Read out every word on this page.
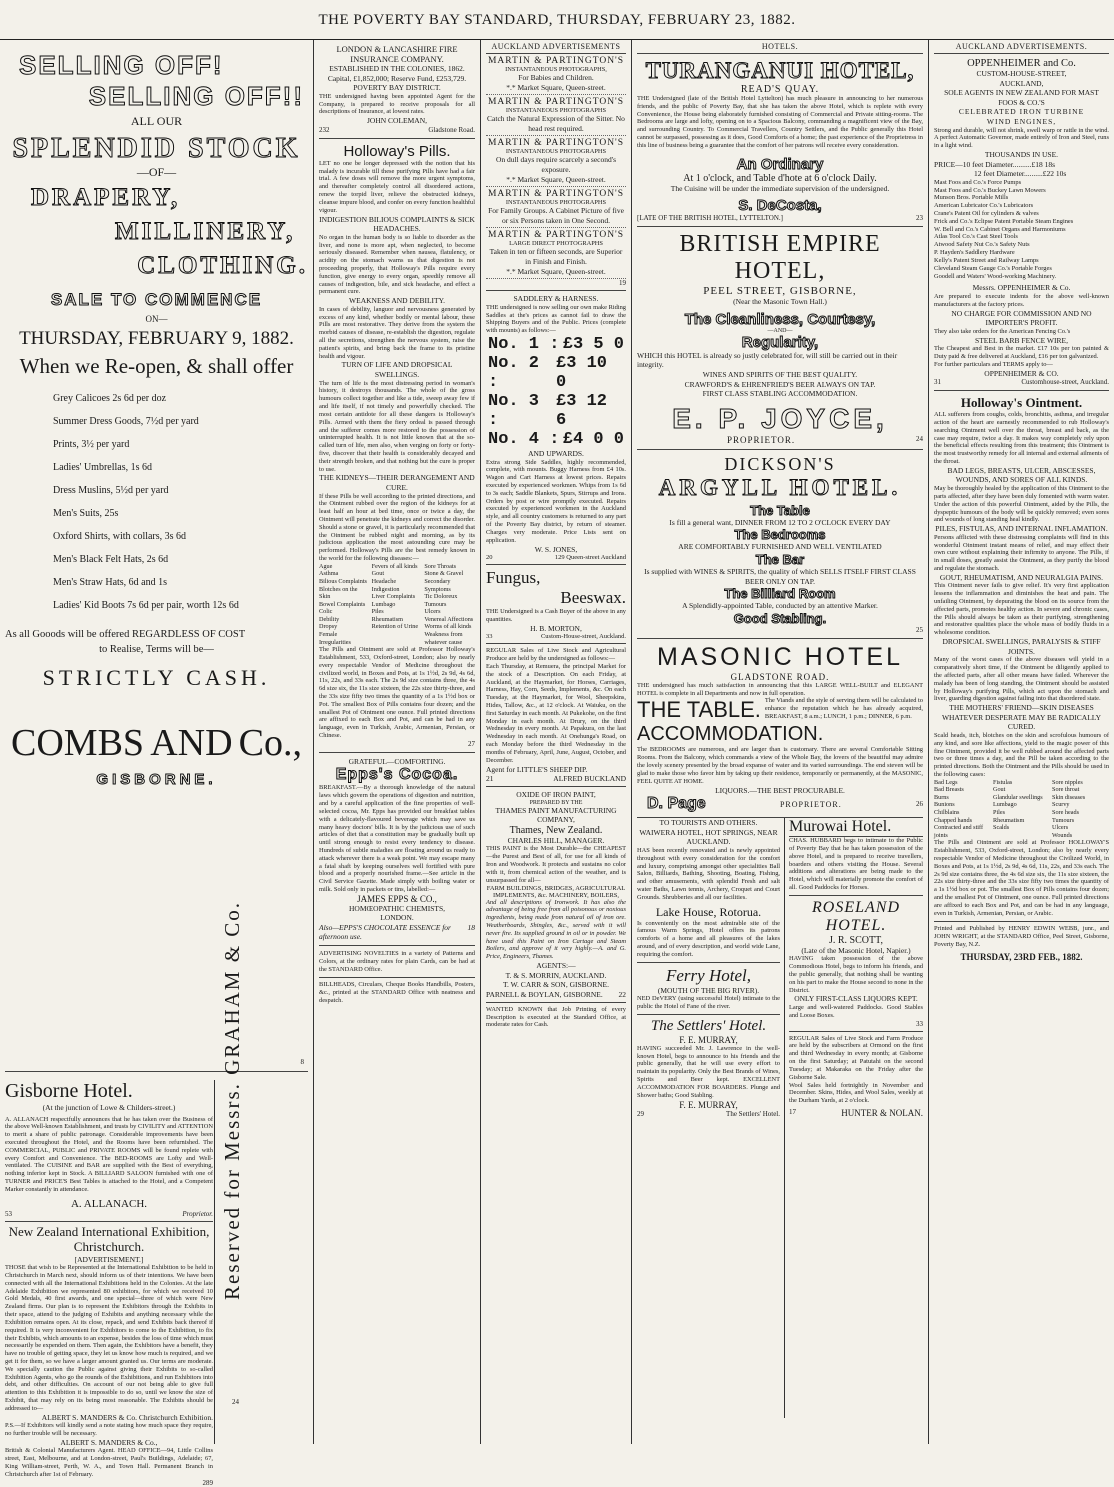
THE POVERTY BAY STANDARD, THURSDAY, FEBRUARY 23, 1882.
SELLING OFF!
SELLING OFF!!
ALL OUR
SPLENDID STOCK
—OF—
DRAPERY,
MILLINERY,
CLOTHING.
SALE TO COMMENCE
ON—
THURSDAY, FEBRUARY 9, 1882.
When we Re-open, & shall offer
Grey Calicoes 2s 6d per doz
Summer Dress Goods, 7½d per yard
Prints, 3½ per yard
Ladies' Umbrellas, 1s 6d
Dress Muslins, 5½d per yard
Men's Suits, 25s
Oxford Shirts, with collars, 3s 6d
Men's Black Felt Hats, 2s 6d
Men's Straw Hats, 6d and 1s
Ladies' Kid Boots 7s 6d per pair, worth 12s 6d
As all Gooods will be offered REGARDLESS OF COST
to Realise, Terms will be—
STRICTLY CASH.
COMBS AND Co.,
GISBORNE.
8
Gisborne Hotel.
(At the junction of Lowe & Childers-street.)
A. ALLANACH respectfully announces that he has taken over the Business of the above Well-known Establishment, and trusts by CIVILITY and ATTENTION to merit a share of public patronage. Considerable improvements have been executed throughout the Hotel, and the Rooms have been refurnished. The COMMERCIAL, PUBLIC and PRIVATE ROOMS will be found replete with every Comfort and Convenience. The BED-ROOMS are Lofty and Well-ventilated. The CUISINE and BAR are supplied with the Best of everything, nothing inferior kept in Stock. A BILLIARD SALOON furnished with one of TURNER and PRICE'S Best Tables is attached to the Hotel, and a Competent Marker constantly in attendance.
A. ALLANACH.
53	Proprietor.
New Zealand International Exhibition, Christchurch.
[ADVERTISEMENT.]
THOSE that wish to be Represented at the International Exhibition to be held in Christchurch in March next, should inform us of their intentions. We have been connected with all the International Exhibitions held in the Colonies. At the late Adelaide Exhibition we represented 80 exhibitors, for which we received 10 Gold Medals, 40 first awards, and one special—three of which were New Zealand firms. Our plan is to represent the Exhibitors through the Exhibits in their space, attend to the judging of Exhibits and anything necessary while the Exhibition remains open. At its close, repack, and send Exhibits back thereof if required. It is very inconvenient for Exhibitors to come to the Exhibition, to fix their Exhibits, which amounts to an expense, besides the loss of time which must necessarily be expended on them. Then again, the Exhibitors have a benefit, they have no trouble of getting space, they let us know how much is required, and we get it for them, so we have a larger amount granted us. Our terms are moderate. We specially caution the Public against giving their Exhibits to so-called Exhibition Agents, who go the rounds of the Exhibitions, and run Exhibitors into debt, and other difficulties. On account of our not being able to give full attention to this Exhibition it is impossible to do so, until we know the size of Exhibit, that may rely on its being most reasonable. The Exhibits should be addressed to—
ALBERT S. MANDERS & Co. Christchurch Exhibition.
P.S.—If Exhibitors will kindly send a note stating how much space they require, no further trouble will be necessary.
ALBERT S. MANDERS & Co.,
British & Colonial Manufacturers Agent. HEAD OFFICE—94, Little Collins street, East, Melbourne, and at London-street, Paul's Buildings, Adelaide; 67, King William-street, Perth, W. A., and Town Hall. Permanent Branch in Christchurch after 1st of February.
289
Reserved for Messrs. GRAHAM & Co.
24
LONDON & LANCASHIRE FIRE INSURANCE COMPANY.
ESTABLISHED IN THE COLONIES, 1862.
Capital, £1,852,000; Reserve Fund, £253,729.
POVERTY BAY DISTRICT.
THE undersigned having been appointed Agent for the Company, is prepared to receive proposals for all descriptions of Insurance, at lowest rates.
JOHN COLEMAN,
232	Gladstone Road.
Holloway's Pills.
LET no one be longer depressed with the notion that his malady is incurable till these purifying Pills have had a fair trial. A few doses will remove the more urgent symptoms, and thereafter completely control all disordered actions, renew the torpid liver, relieve the obstructed kidneys, cleanse impure blood, and confer on every function healthful vigour.
INDIGESTION BILIOUS COMPLAINTS & SICK HEADACHES.
No organ in the human body is so liable to disorder as the liver, and none is more apt, when neglected, to become seriously diseased. Remember when nausea, flatulency, or acidity on the stomach warns us that digestion is not proceeding properly, that Holloway's Pills require every function, give energy to every organ, speedily remove all causes of indigestion, bile, and sick headache, and effect a permanent cure.
WEAKNESS AND DEBILITY.
In cases of debility, languor and nervousness generated by excess of any kind, whether bodily or mental labour, these Pills are most restorative. They derive from the system the morbid causes of disease, re-establish the digestion, regulate all the secretions, strengthen the nervous system, raise the patient's spirits, and bring back the frame to its pristine health and vigour.
TURN OF LIFE AND DROPSICAL SWELLINGS.
The turn of life is the most distressing period in woman's history, it destroys thousands. The whole of the gross humours collect together and like a tide, sweep away few if and life itself, if not timely and powerfully checked. The most certain antidote for all these dangers is Holloway's Pills. Armed with them the fiery ordeal is passed through and the sufferer comes more restored to the possession of uninterrupted health. It is not little known that at the so-called turn of life, men also, when verging on forty or forty-five, discover that their health is considerably decayed and their strength broken, and that nothing but the cure is proper to use.
THE KIDNEYS—THEIR DERANGEMENT AND CURE.
If these Pills be well according to the printed directions, and the Ointment rubbed over the region of the kidneys for at least half an hour at bed time, once or twice a day, the Ointment will penetrate the kidneys and correct the disorder. Should a stone or gravel, it is particularly recommended that the Ointment be rubbed night and morning, as by its judicious application the most astounding cure may be performed. Holloway's Pills are the best remedy known in the world for the following diseases:—
Ague
Asthma
Bilious Complaints
Blotches on the Skin
Bowel Complaints
Colic
Debility
Dropsy
Female Irregularities
Fevers of all kinds
Gout
Headache
Indigestion
Liver Complaints
Lumbago
Piles
Rheumatism
Retention of Urine
Sore Throats
Stone & Gravel
Secondary Symptoms
Tic Doloreux
Tumours
Ulcers
Venereal Affections
Worms of all kinds
Weakness from whatever cause
The Pills and Ointment are sold at Professor Holloway's Establishment, 533, Oxford-street, London; also by nearly every respectable Vendor of Medicine throughout the civilized world, in Boxes and Pots, at 1s 1½d, 2s 9d, 4s 6d, 11s, 22s, and 33s each. The 2s 9d size contains three, the 4s 6d size six, the 11s size sixteen, the 22s size thirty-three, and the 33s size fifty two times the quantity of a 1s 1½d box or Pot. The smallest Box of Pills contains four dozen; and the smallest Pot of Ointment one ounce. Full printed directions are affixed to each Box and Pot, and can be had in any language, even in Turkish, Arabic, Armenian, Persian, or Chinese.
27
GRATEFUL—COMFORTING.
Epps's Cocoa.
BREAKFAST.—By a thorough knowledge of the natural laws which govern the operations of digestion and nutrition, and by a careful application of the fine properties of well-selected cocoa, Mr. Epps has provided our breakfast tables with a delicately-flavoured beverage which may save us many heavy doctors' bills. It is by the judicious use of such articles of diet that a constitution may be gradually built up until strong enough to resist every tendency to disease. Hundreds of subtle maladies are floating around us ready to attack wherever there is a weak point. We may escape many a fatal shaft by keeping ourselves well fortified with pure blood and a properly nourished frame.—See article in the Civil Service Gazette. Made simply with boiling water or milk. Sold only in packets or tins, labelled:—
JAMES EPPS & CO.,
HOMŒOPATHIC CHEMISTS,
LONDON.
Also—EPPS'S CHOCOLATE ESSENCE for afternoon use.
18
ADVERTISING NOVELTIES in a variety of Patterns and Colors, at the ordinary rates for plain Cards, can be had at the STANDARD Office.
BILLHEADS, Circulars, Cheque Books Handbills, Posters, &c., printed at the STANDARD Office with neatness and despatch.
AUCKLAND ADVERTISEMENTS
MARTIN & PARTINGTON'S
INSTANTANEOUS PHOTOGRAPHS,
For Babies and Children.
*.* Market Square, Queen-street.
MARTIN & PARTINGTON'S
INSTANTANEOUS PHOTOGRAPHS
Catch the Natural Expression of the Sitter. No head rest required.
MARTIN & PARTINGTON'S
INSTANTANEOUS PHOTOGRAPHS
On dull days require scarcely a second's exposure.
*.* Market Square, Queen-street.
MARTIN & PARTINGTON'S
INSTANTANEOUS PHOTOGRAPHS
For Family Groups. A Cabinet Picture of five or six Persons taken in One Second.
MARTIN & PARTINGTON'S
LARGE DIRECT PHOTOGRAPHS
Taken in ten or fifteen seconds, are Superior in Finish and Finish.
*.* Market Square, Queen-street.
19
SADDLERY & HARNESS.
THE undersigned is now selling our own make Riding Saddles at the's prices as cannot fail to draw the Shipping Buyers and of the Public. Prices (complete with mounts) as follows:—
No. 1 : £3 5 0
No. 2 :
£3 10 0
No. 3 :
£3 12 6
No. 4 : £4 0 0
AND UPWARDS.
Extra strong Side Saddles, highly recommended, complete, with mounts. Buggy Harness from £4 10s. Wagon and Cart Harness at lowest prices. Repairs executed by experienced workmen. Whips from 1s 6d to 3s each; Saddle Blankets, Spurs, Stirrups and Irons. Orders by post or wire promptly executed. Repairs executed by experienced workmen in the Auckland style, and all country customers is returned to any part of the Poverty Bay district, by return of steamer. Charges very moderate. Price Lists sent on application.
W. S. JONES,
20	129 Queen-street Auckland
Fungus,
Beeswax.
THE Undersigned is a Cash Buyer of the above in any quantities.
H. B. MORTON,
33	Custom-House-street, Auckland.
REGULAR Sales of Live Stock and Agricultural Produce are held by the undersigned as follows:—
Each Thursday, at Remuera, the principal Market for the stock of a Description. On each Friday, at Auckland, at the Haymarket, for Horses, Carriages, Harness, Hay, Corn, Seeds, Implements, &c. On each Tuesday, at the Haymarket, for Wool, Sheepskins, Hides, Tallow, &c., at 12 o'clock. At Waiuku, on the first Saturday in each month. At Pukekohe, on the first Monday in each month. At Drury, on the third Wednesday in every month. At Papakura, on the last Wednesday in each month. At Onehunga's Road, on each Monday before the third Wednesday in the months of February, April, June, August, October, and December.
Agent for LITTLE'S SHEEP DIP.
21	ALFRED BUCKLAND
OXIDE OF IRON PAINT,
PREPARED BY THE
THAMES PAINT MANUFACTURING COMPANY,
Thames, New Zealand.
CHARLES HILL, MANAGER.
THIS PAINT is the Most Durable—the CHEAPEST—the Purest and Best of all, for use for all kinds of Iron and Woodwork. It protects and sustains no color with it, from chemical action of the weather, and is unsurpassed for all—
FARM BUILDINGS, BRIDGES, AGRICULTURAL IMPLEMENTS, &c. MACHINERY, BOILERS,
And all descriptions of Ironwork. It has also the advantage of being free from all poisonous or noxious ingredients, being made from natural oil of iron ore. Weatherboards, Shingles, &c., served with it will never fire. Its supplied ground in oil or in powder. We have used this Paint on Iron Cartage and Steam Boilers, and approve of it very highly.—A. and G. Price, Engineers, Thames.
AGENTS:—
T. & S. MORRIN, AUCKLAND.
T. W. CARR & SON, GISBORNE.
PARNELL & BOYLAN, GISBORNE. 22
WANTED KNOWN that Job Printing of every Description is executed at the Standard Office, at moderate rates for Cash.
HOTELS.
TURANGANUI HOTEL,
READ'S QUAY.
THE Undersigned (late of the British Hotel Lyttelton) has much pleasure in announcing to her numerous friends, and the public of Poverty Bay, that she has taken the above Hotel, which is replete with every Convenience, the House being elaborately furnished consisting of Commercial and Private sitting-rooms. The Bedrooms are large and lofty, opening on to a Spacious Balcony, commanding a magnificent view of the Bay, and surrounding Country. To Commercial Travellers, Country Settlers, and the Public generally this Hotel cannot be surpassed, possessing as it does, Good Comforts of a home; the past experience of the Proprietress in this line of business being a guarantee that the comfort of her patrons will receive every consideration.
An Ordinary
At 1 o'clock, and Table d'hote at 6 o'clock Daily.
The Cuisine will be under the immediate supervision of the undersigned.
S. DeCosta,
[LATE OF THE BRITISH HOTEL, LYTTELTON.]	23
BRITISH EMPIRE HOTEL,
PEEL STREET, GISBORNE,
(Near the Masonic Town Hall.)
The Cleanliness, Courtesy,
—AND—
Regularity,
WHICH this HOTEL is already so justly celebrated for, will still be carried out in their integrity.
WINES AND SPIRITS OF THE BEST QUALITY.
CRAWFORD'S & EHRENFRIED'S BEER ALWAYS ON TAP.
FIRST CLASS STABLING ACCOMMODATION.
E. P. JOYCE,
PROPRIETOR.	24
DICKSON'S
ARGYLL HOTEL.
The Table
Is fill a general want, DINNER FROM 12 TO 2 O'CLOCK EVERY DAY
The Bedrooms
ARE COMFORTABLY FURNISHED AND WELL VENTILATED
The Bar
Is supplied with WINES & SPIRITS, the quality of which SELLS ITSELF FIRST CLASS BEER ONLY ON TAP.
The Billiard Room
A Splendidly-appointed Table, conducted by an attentive Marker.
Good Stabling.
25
MASONIC HOTEL
GLADSTONE ROAD.
THE undersigned has much satisfaction in announcing that this LARGE WELL-BUILT and ELEGANT HOTEL is complete in all Departments and now in full operation.
THE TABLE. The Viands and the style of serving them will be calculated to enhance the reputation which he has already acquired, BREAKFAST, 8 a.m.; LUNCH, 1 p.m.; DINNER, 6 p.m.
ACCOMMODATION.
The BEDROOMS are numerous, and are larger than is customary. There are several Comfortable Sitting Rooms. From the Balcony, which commands a view of the Whole Bay, the lovers of the beautiful may admire the lovely scenery presented by the broad expanse of water and its varied surroundings. The end steven will be glad to make those who favor him by taking up their residence, temporarily or permanently, at the MASONIC, FEEL QUITE AT HOME.
LIQUORS.—THE BEST PROCURABLE.
D. Page	PROPRIETOR.	26
TO TOURISTS AND OTHERS.
WAIWERA HOTEL, HOT SPRINGS, NEAR AUCKLAND.
HAS been recently renovated and is newly appointed throughout with every consideration for the comfort and luxury, comprising amongst other specialities Ball Salon, Billiards, Bathing, Shooting, Boating, Fishing, and other amusements, with splendid Fresh and salt water Baths, Lawn tennis, Archery, Croquet and Court Grounds. Shrubberies and all our facilities.
Lake House, Rotorua.
Is conveniently on the most admirable site of the famous Warm Springs, Hotel offers its patrons comforts of a home and all pleasures of the lakes around, and of every description, and world wide Lane, requiring the comfort.
Ferry Hotel,
(MOUTH OF THE BIG RIVER).
NED DeVERY (using successful Hotel) intimate to the public the Hotel of Fane of the river.
The Settlers' Hotel.
F. E. MURRAY,
HAVING succeeded Mr. J. Lawrence in the well-known Hotel, begs to announce to his friends and the public generally, that he will use every effort to maintain its popularity. Only the Best Brands of Wines, Spirits and Beer kept. EXCELLENT ACCOMMODATION FOR BOARDERS. Plunge and Shower baths; Good Stabling.
F. E. MURRAY,
29	The Settlers' Hotel.
Murowai Hotel.
CHAS. HUBBARD begs to intimate to the Public of Poverty Bay that he has taken possession of the above Hotel, and is prepared to receive travellers, boarders and others visiting the House. Several additions and alterations are being made to the Hotel, which will materially promote the comfort of all. Good Paddocks for Horses.
ROSELAND HOTEL.
J. R. SCOTT,
(Late of the Masonic Hotel, Napier.)
HAVING taken possession of the above Commodious Hotel, begs to inform his friends, and the public generally, that nothing shall be wanting on his part to make the House second to none in the District.
ONLY FIRST-CLASS LIQUORS KEPT.
Large and well-watered Paddocks. Good Stables and Loose Boxes.
33
REGULAR Sales of Live Stock and Farm Produce are held by the subscribers at Ormond on the first and third Wednesday in every month; at Gisborne on the first Saturday; at Patutahi on the second Tuesday; at Makaraka on the Friday after the Gisborne Sale.
Wool Sales held fortnightly in November and December. Skins, Hides, and Wool Sales, weekly at the Durham Yards, at 2 o'clock.
17	HUNTER & NOLAN.
AUCKLAND ADVERTISEMENTS.
OPPENHEIMER and Co.
CUSTOM-HOUSE-STREET,
AUCKLAND,
SOLE AGENTS IN NEW ZEALAND FOR MAST FOOS & CO.'S
CELEBRATED IRON TURBINE
WIND ENGINES,
Strong and durable, will not shrink, swell warp or rattle in the wind. A perfect Automatic Governor, made entirely of Iron and Steel, runs in a light wind.
THOUSANDS IN USE.
PRICE—10 feet Diameter..........£18 18s
12 feet Diameter..........£22 10s
Mast Foos and Co.'s Force Pumps
Mast Foos and Co.'s Buckey Lawn Mowers
Munson Bros. Portable Mills
American Lubricator Co.'s Lubricators
Crane's Patent Oil for cylinders & valves
Frick and Co.'s Eclipse Patent Portable Steam Engines
W. Bell and Co.'s Cabinet Organs and Harmoniums
Atlas Tool Co.'s Cast Steel Tools
Atwood Safety Nut Co.'s Safety Nuts
P. Hayden's Saddlery Hardware
Kelly's Patent Street and Railway Lamps
Cleveland Steam Gauge Co.'s Portable Forges
Goodell and Waters' Wood-working Machinery.
Messrs. OPPENHEIMER & Co.
Are prepared to execute indents for the above well-known manufacturers at the factory prices.
NO CHARGE FOR COMMISSION AND NO IMPORTER'S PROFIT.
They also take orders for the American Fencing Co.'s
STEEL BARB FENCE WIRE,
The Cheapest and Best in the market. £17 10s per ton painted & Duty paid & free delivered at Auckland, £16 per ton galvanized.
For further particulars and TERMS apply to—
OPPENHEIMER & CO.
31	Customhouse-street, Auckland.
Holloway's Ointment.
ALL sufferers from coughs, colds, bronchitis, asthma, and irregular action of the heart are earnestly recommended to rub Holloway's searching Ointment well over the throat, breast and back, as the case may require, twice a day. It makes way completely rely upon the beneficial effects resulting from this treatment; this Ointment is the most trustworthy remedy for all internal and external ailments of the throat.
BAD LEGS, BREASTS, ULCER, ABSCESSES, WOUNDS, AND SORES OF ALL KINDS.
May be thoroughly healed by the application of this Ointment to the parts affected, after they have been duly fomented with warm water. Under the action of this powerful Ointment, aided by the Pills, the dyspeptic humours of the body will be quickly removed; even sores and wounds of long standing heal kindly.
PILES, FISTULAS, AND INTERNAL INFLAMATION.
Persons afflicted with these distressing complaints will find in this wonderful Ointment instant means of relief, and may effect their own cure without explaining their infirmity to anyone. The Pills, if in small doses, greatly assist the Ointment, as they purify the blood and regulate the stomach.
GOUT, RHEUMATISM, AND NEURALGIA PAINS.
This Ointment never fails to give relief. It's very first application lessens the inflammation and diminishes the heat and pain. The unfailing Ointment, by depurating the blood on its source from the affected parts, promotes healthy action. In severe and chronic cases, the Pills should always be taken as their purifying, strengthening and restorative qualities place the whole mass of bodily fluids in a wholesome condition.
DROPSICAL SWELLINGS, PARALYSIS & STIFF JOINTS.
Many of the worst cases of the above diseases will yield in a comparatively short time, if the Ointment be diligently applied to the affected parts, after all other means have failed. Wherever the malady has been of long standing, the Ointment should be assisted by Holloway's purifying Pills, which act upon the stomach and liver, guarding digestion against failing into that disordered state.
THE MOTHERS' FRIEND—SKIN DISEASES WHATEVER DESPERATE MAY BE RADICALLY CURED.
Scald heads, itch, blotches on the skin and scrofulous humours of any kind, and sore like affections, yield to the magic power of this fine Ointment, provided it be well rubbed around the affected parts two or three times a day, and the Pill be taken according to the printed directions. Both the Ointment and the Pills should be used in the following cases:
Bad Legs
Bad Breasts
Burns
Bunions
Chilblains
Chapped hands
Contracted and stiff joints
Fistulas
Gout
Glandular swellings
Lumbago
Piles
Rheumatism
Scalds
Sore nipples
Sore throat
Skin diseases
Scurvy
Sore heads
Tumours
Ulcers
Wounds
The Pills and Ointment are sold at Professor HOLLOWAY'S Establishment, 533, Oxford-street, London; also by nearly every respectable Vendor of Medicine throughout the Civilized World, in Boxes and Pots, at 1s 1½d, 2s 9d, 4s 6d, 11s, 22s, and 33s each. The 2s 9d size contains three, the 4s 6d size six, the 11s size sixteen, the 22s size thirty-three and the 33s size fifty two times the quantity of a 1s 1½d box or pot. The smallest Box of Pills contains four dozen; and the smallest Pot of Ointment, one ounce. Full printed directions are affixed to each Box and Pot, and can be had in any language, even in Turkish, Armenian, Persian, or Arabic.
Printed and Published by HENRY EDWIN WEBB, junr., and JOHN WRIGHT, at the STANDARD Office, Peel Street, Gisborne, Poverty Bay, N.Z.
THURSDAY, 23RD FEB., 1882.
